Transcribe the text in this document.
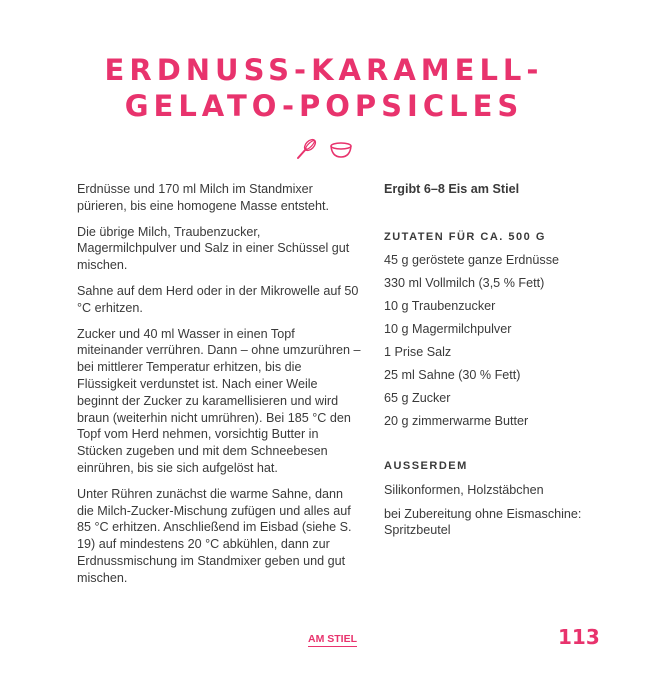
ERDNUSS-KARAMELL-
GELATO-POPSICLES

Erdnüsse und 170 ml Milch im Standmixer pürieren, bis eine homogene Masse entsteht.

Die übrige Milch, Traubenzucker, Magermilchpulver und Salz in einer Schüssel gut mischen.

Sahne auf dem Herd oder in der Mikrowelle auf 50 °C erhitzen.

Zucker und 40 ml Wasser in einen Topf miteinander verrühren. Dann – ohne umzurühren – bei mittlerer Temperatur erhitzen, bis die Flüssigkeit verdunstet ist. Nach einer Weile beginnt der Zucker zu karamellisieren und wird braun (weiterhin nicht umrühren). Bei 185 °C den Topf vom Herd nehmen, vorsichtig Butter in Stücken zugeben und mit dem Schneebesen einrühren, bis sie sich aufgelöst hat.

Unter Rühren zunächst die warme Sahne, dann die Milch-Zucker-Mischung zufügen und alles auf 85 °C erhitzen. Anschließend im Eisbad (siehe S. 19) auf mindestens 20 °C abkühlen, dann zur Erdnussmischung im Standmixer geben und gut mischen.

Ergibt 6–8 Eis am Stiel

ZUTATEN FÜR CA. 500 G

45 g geröstete ganze Erdnüsse

330 ml Vollmilch (3,5 % Fett)

10 g Traubenzucker

10 g Magermilchpulver

1 Prise Salz

25 ml Sahne (30 % Fett)

65 g Zucker

20 g zimmerwarme Butter

AUSSERDEM

Silikonformen, Holzstäbchen

bei Zubereitung ohne Eismaschine: Spritzbeutel

AM STIEL	113
